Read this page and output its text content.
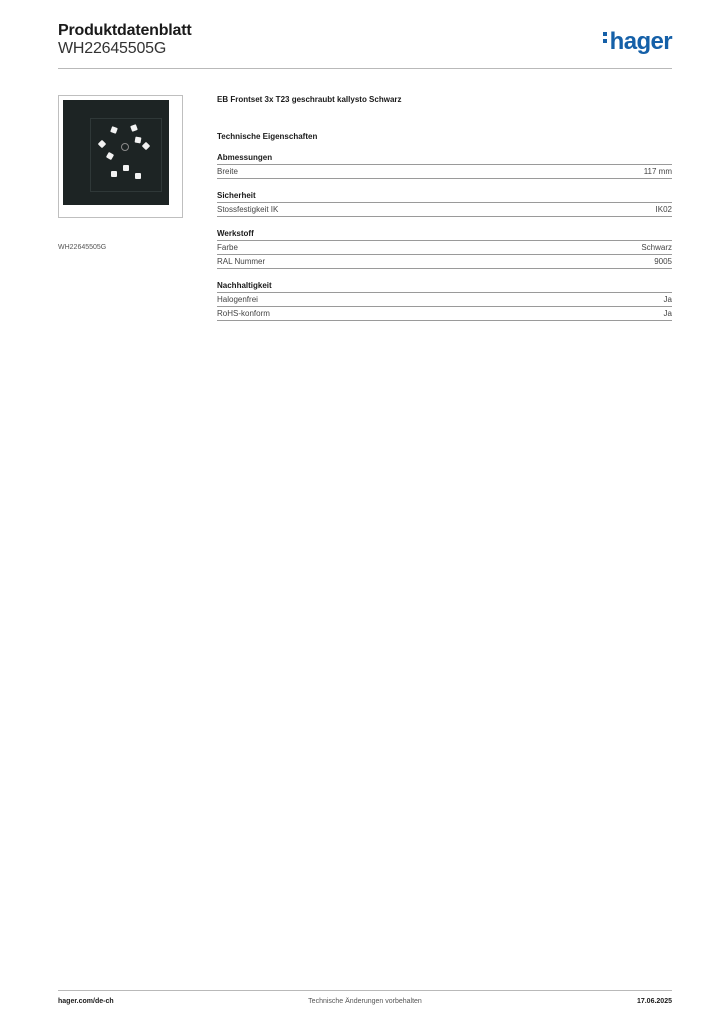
Produktdatenblatt
WH22645505G	hager
WH22645505G
EB Frontset 3x T23 geschraubt kallysto Schwarz
Technische Eigenschaften
Abmessungen
Breite	117 mm
Sicherheit
Stossfestigkeit IK	IK02
Werkstoff
Farbe	Schwarz
RAL Nummer	9005
Nachhaltigkeit
Halogenfrei	Ja
RoHS-konform	Ja
hager.com/de-ch	Technische Änderungen vorbehalten	17.06.2025
